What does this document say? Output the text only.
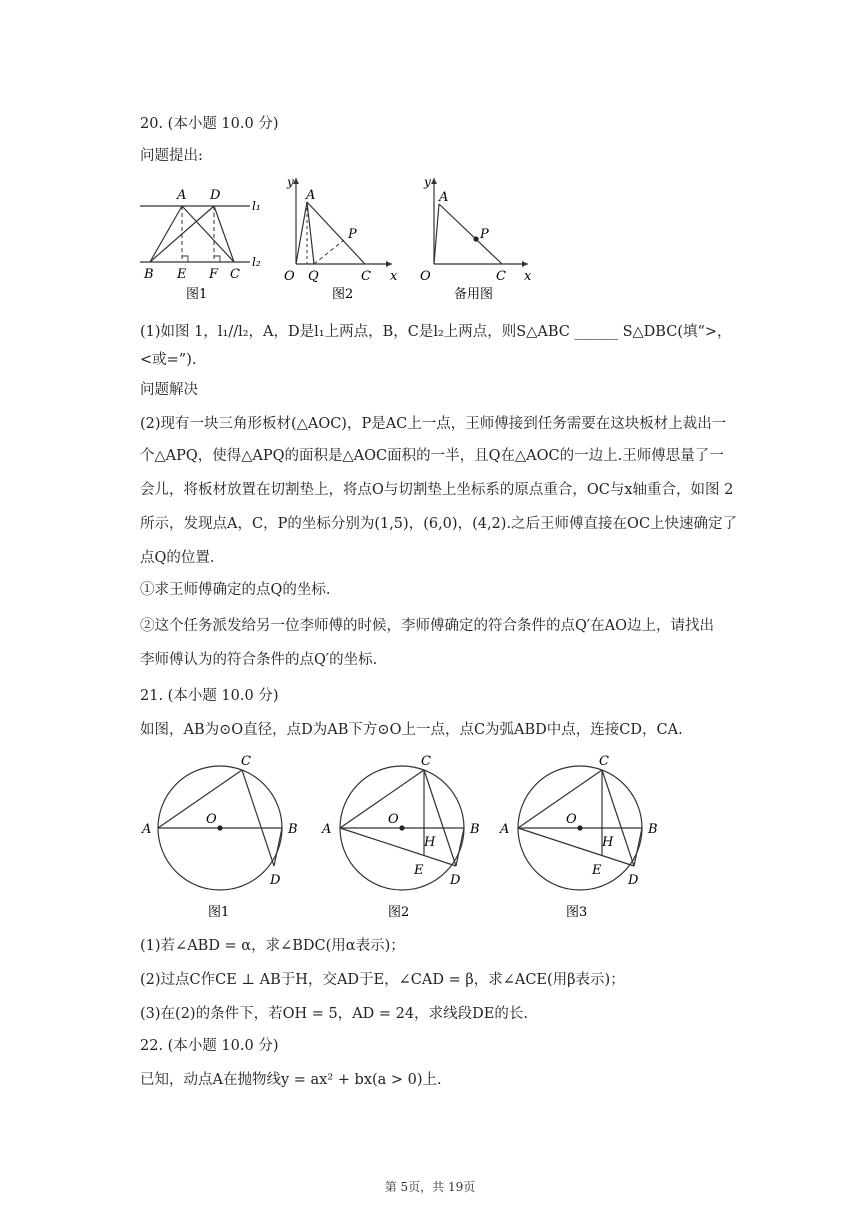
20. (本小题 10.0 分)
问题提出:
A D
l₁
l₂
B E F C
图1
y
A
P
O Q	C x
图2
y
A
P
O	C x
备用图
(1)如图 1，l₁//l₂，A，D是l₁上两点，B，C是l₂上两点，则S△ABC ______ S△DBC(填“>，
<或=”).
问题解决
(2)现有一块三角形板材(△AOC)，P是AC上一点，王师傅接到任务需要在这块板材上裁出一
个△APQ，使得△APQ的面积是△AOC面积的一半，且Q在△AOC的一边上.王师傅思量了一
会儿，将板材放置在切割垫上，将点O与切割垫上坐标系的原点重合，OC与x轴重合，如图 2
所示，发现点A，C，P的坐标分别为(1,5)，(6,0)，(4,2).之后王师傅直接在OC上快速确定了
点Q的位置.
①求王师傅确定的点Q的坐标.
②这个任务派发给另一位李师傅的时候，李师傅确定的符合条件的点Q′在AO边上，请找出
李师傅认为的符合条件的点Q′的坐标.
21. (本小题 10.0 分)
如图，AB为⊙O直径，点D为AB下方⊙O上一点，点C为弧ABD中点，连接CD，CA.
A	B
C
D
O
图1
A	B
C
D
O
E
H
图2
A	B
C
D
O
E
H
图3
(1)若∠ABD = α，求∠BDC(用α表示)；
(2)过点C作CE ⊥ AB于H，交AD于E，∠CAD = β，求∠ACE(用β表示)；
(3)在(2)的条件下，若OH = 5，AD = 24，求线段DE的长.
22. (本小题 10.0 分)
已知，动点A在抛物线y = ax² + bx(a > 0)上.
第 5页，共 19页
